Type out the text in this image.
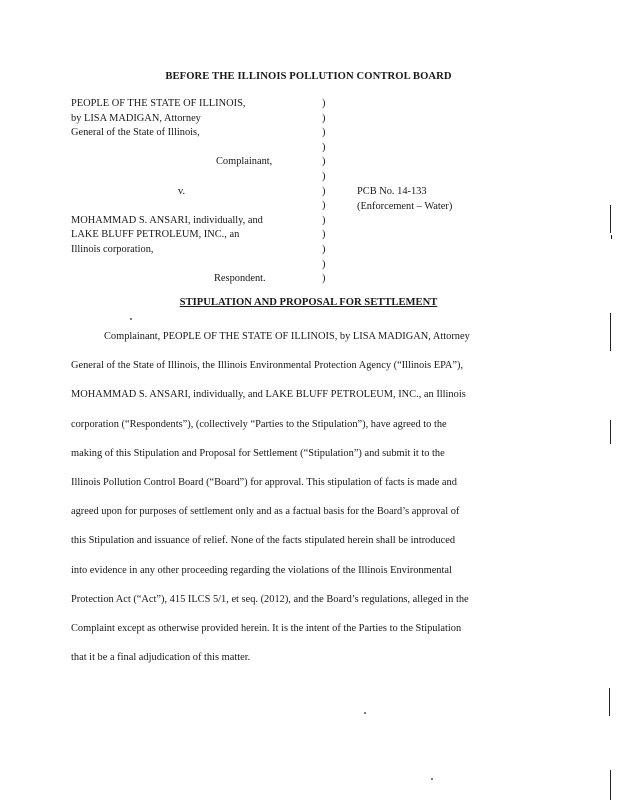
BEFORE THE ILLINOIS POLLUTION CONTROL BOARD
PEOPLE OF THE STATE OF ILLINOIS,
by LISA MADIGAN, Attorney
General of the State of Illinois,
Complainant,
v.
MOHAMMAD S. ANSARI, individually, and
LAKE BLUFF PETROLEUM, INC., an
Illinois corporation,
Respondent.
)
)
)
)
)
)
)
)
)
)
)
)
)
PCB No. 14-133
(Enforcement – Water)
STIPULATION AND PROPOSAL FOR SETTLEMENT
Complainant, PEOPLE OF THE STATE OF ILLINOIS, by LISA MADIGAN, Attorney
General of the State of Illinois, the Illinois Environmental Protection Agency (“Illinois EPA”),
MOHAMMAD S. ANSARI, individually, and LAKE BLUFF PETROLEUM, INC., an Illinois
corporation (“Respondents”), (collectively “Parties to the Stipulation”), have agreed to the
making of this Stipulation and Proposal for Settlement (“Stipulation”) and submit it to the
Illinois Pollution Control Board (“Board”) for approval. This stipulation of facts is made and
agreed upon for purposes of settlement only and as a factual basis for the Board’s approval of
this Stipulation and issuance of relief. None of the facts stipulated herein shall be introduced
into evidence in any other proceeding regarding the violations of the Illinois Environmental
Protection Act (“Act”), 415 ILCS 5/1, et seq. (2012), and the Board’s regulations, alleged in the
Complaint except as otherwise provided herein. It is the intent of the Parties to the Stipulation
that it be a final adjudication of this matter.
